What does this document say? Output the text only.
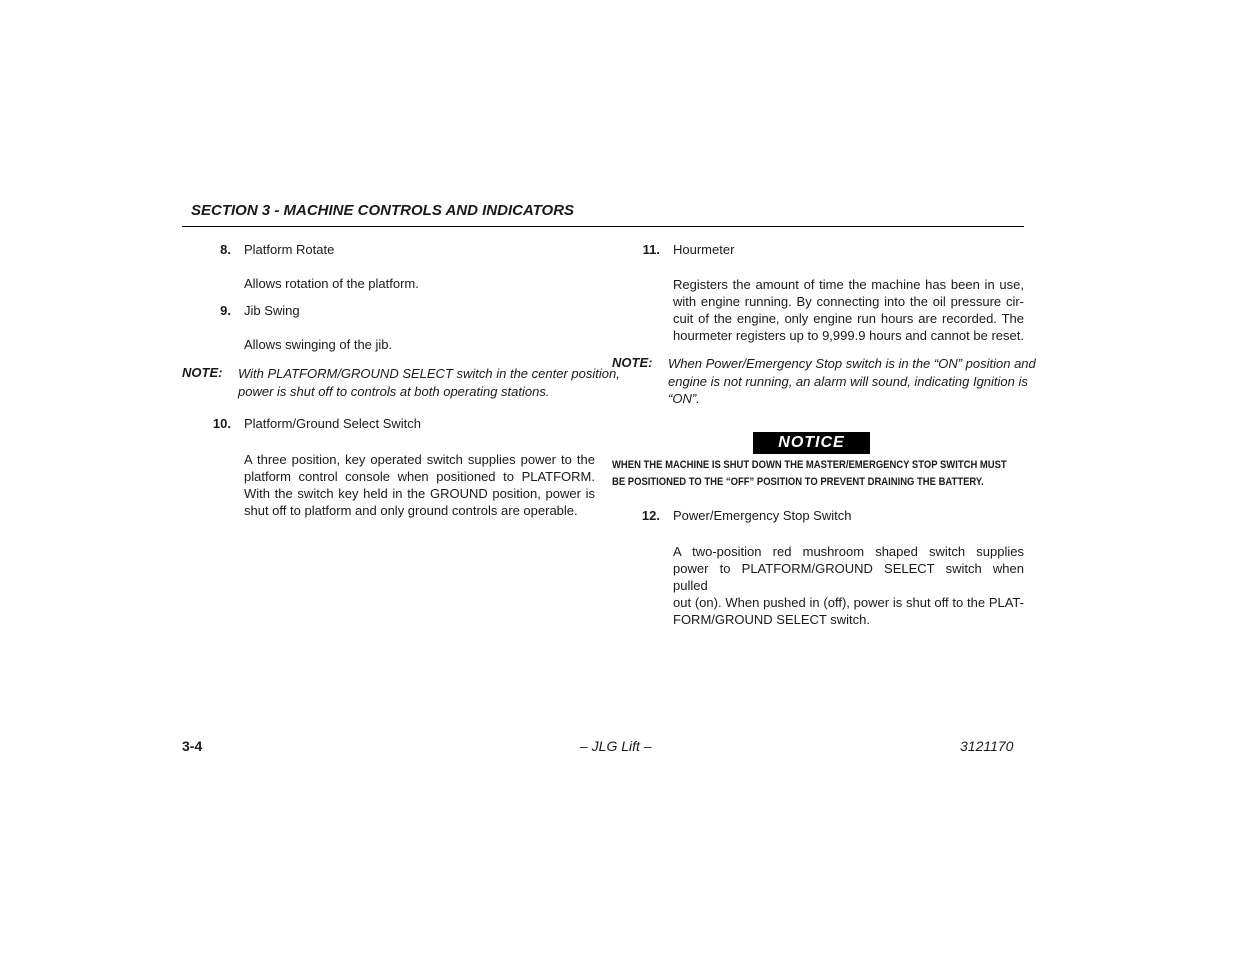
SECTION 3 - MACHINE CONTROLS AND INDICATORS
8. Platform Rotate
Allows rotation of the platform.
9. Jib Swing
Allows swinging of the jib.
NOTE: With PLATFORM/GROUND SELECT switch in the center position,
power is shut off to controls at both operating stations.
10. Platform/Ground Select Switch
A three position, key operated switch supplies power to the
platform control console when positioned to PLATFORM.
With the switch key held in the GROUND position, power is
shut off to platform and only ground controls are operable.
11. Hourmeter
Registers the amount of time the machine has been in use,
with engine running. By connecting into the oil pressure cir-
cuit of the engine, only engine run hours are recorded. The
hourmeter registers up to 9,999.9 hours and cannot be reset.
NOTE: When Power/Emergency Stop switch is in the “ON” position and
engine is not running, an alarm will sound, indicating Ignition is
“ON”.
NOTICE
WHEN THE MACHINE IS SHUT DOWN THE MASTER/EMERGENCY STOP SWITCH MUST
BE POSITIONED TO THE “OFF” POSITION TO PREVENT DRAINING THE BATTERY.
12. Power/Emergency Stop Switch
A two-position red mushroom shaped switch supplies
power to PLATFORM/GROUND SELECT switch when pulled
out (on). When pushed in (off), power is shut off to the PLAT-
FORM/GROUND SELECT switch.
3-4	– JLG Lift –	3121170
